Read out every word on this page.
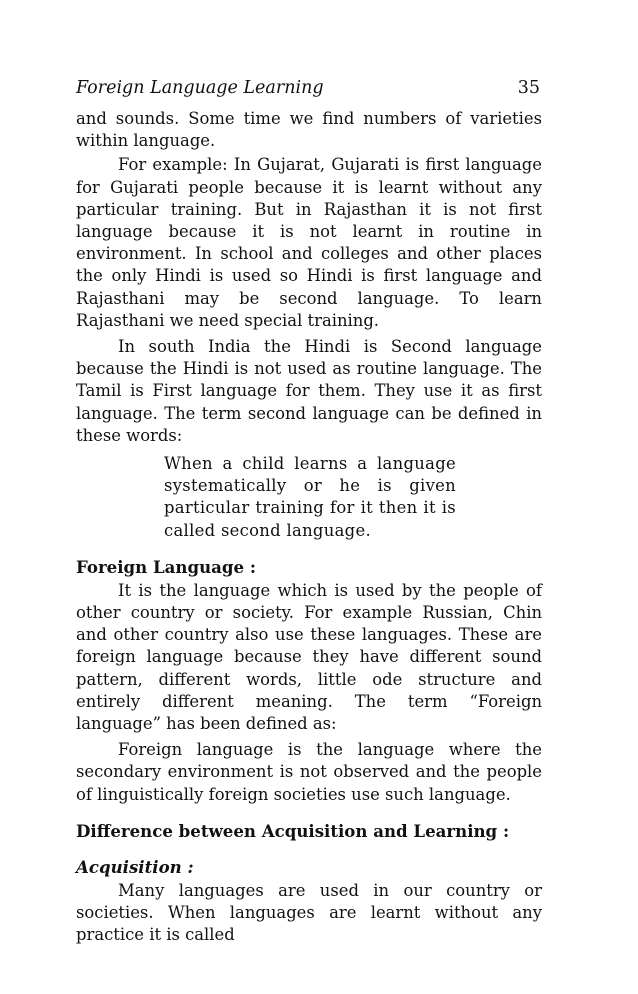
Foreign Language Learning	35

and sounds. Some time we find numbers of varieties within language.

For example: In Gujarat, Gujarati is first language for Gujarati people because it is learnt without any particular training. But in Rajasthan it is not first language because it is not learnt in routine in environment. In school and colleges and other places the only Hindi is used so Hindi is first language and Rajasthani may be second language. To learn Rajasthani we need special training.

In south India the Hindi is Second language because the Hindi is not used as routine language. The Tamil is First language for them. They use it as first language. The term second language can be defined in these words:

When a child learns a language systematically or he is given particular training for it then it is called second language.

Foreign Language :

It is the language which is used by the people of other country or society. For example Russian, Chin and other country also use these languages. These are foreign language because they have different sound pattern, different words, little ode structure and entirely different meaning. The term “Foreign language” has been defined as:

Foreign language is the language where the secondary environment is not observed and the people of linguistically foreign societies use such language.

Difference between Acquisition and Learning :
Acquisition :

Many languages are used in our country or societies. When languages are learnt without any practice it is called
